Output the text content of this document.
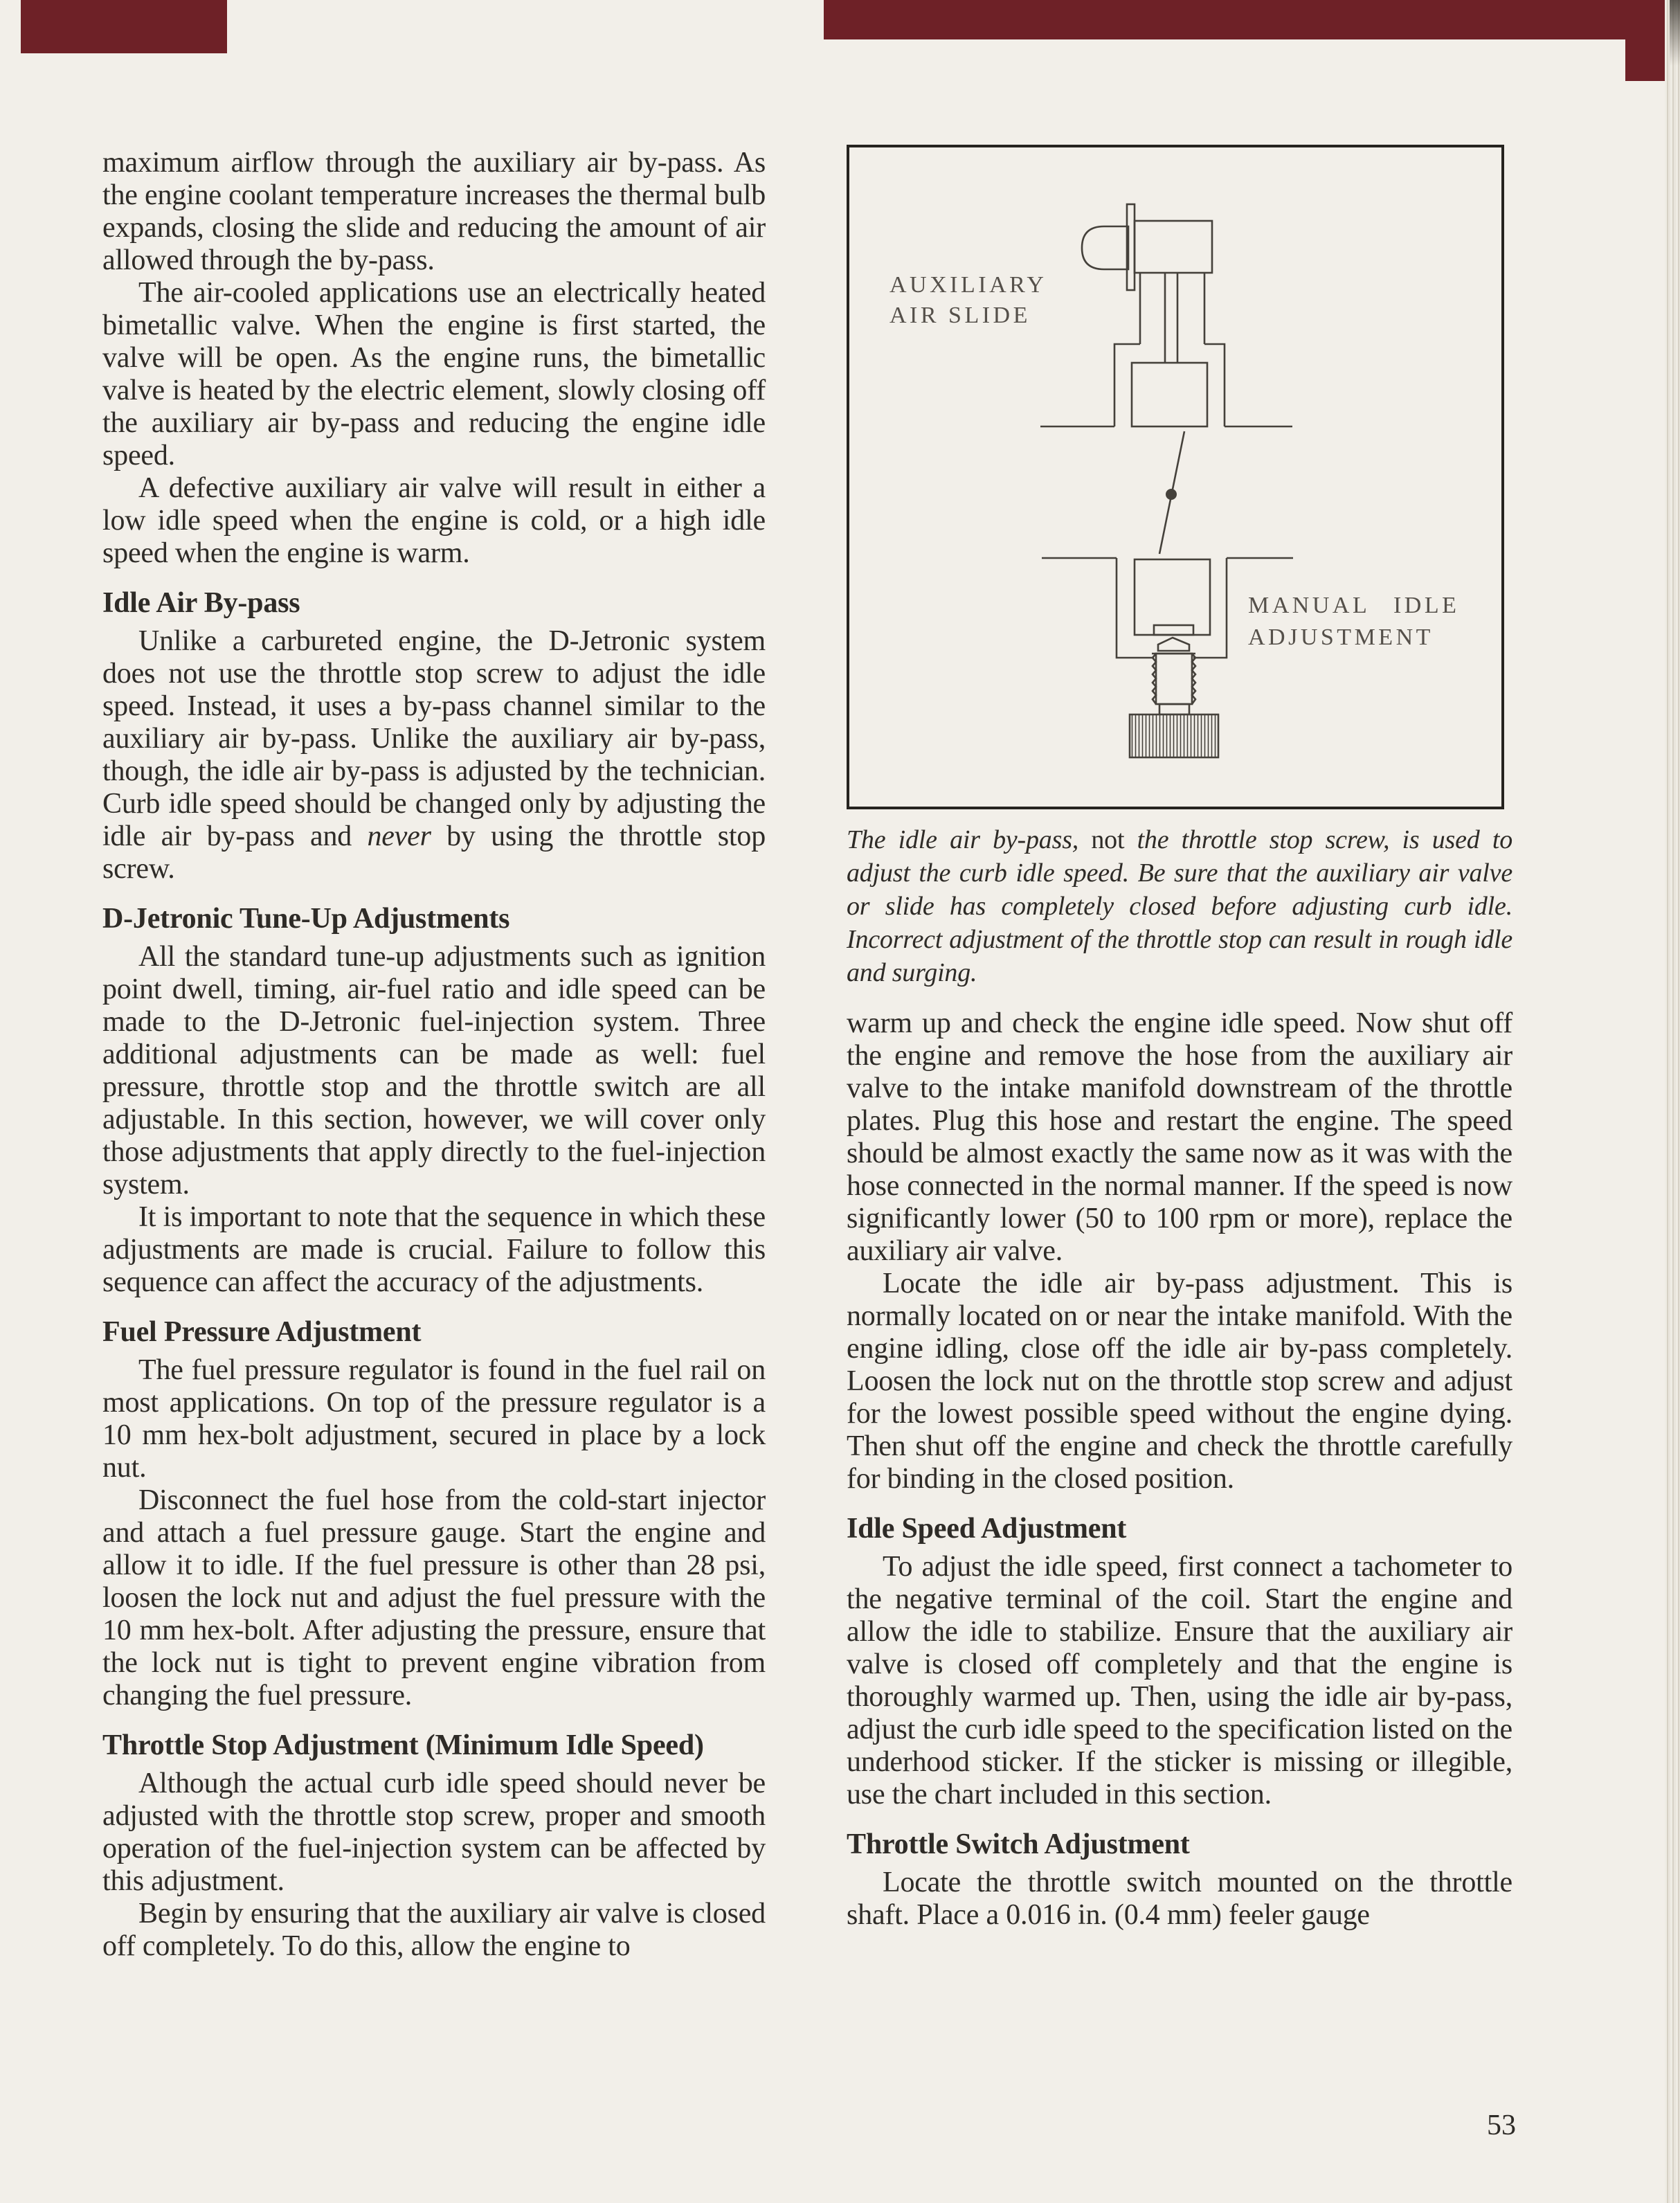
maximum airflow through the auxiliary air by-pass. As the engine coolant temperature increases the thermal bulb expands, closing the slide and reducing the amount of air allowed through the by-pass.
The air-cooled applications use an electrically heated bimetallic valve. When the engine is first started, the valve will be open. As the engine runs, the bimetallic valve is heated by the electric element, slowly closing off the auxiliary air by-pass and reducing the engine idle speed.
A defective auxiliary air valve will result in either a low idle speed when the engine is cold, or a high idle speed when the engine is warm.
Idle Air By-pass
Unlike a carbureted engine, the D-Jetronic system does not use the throttle stop screw to adjust the idle speed. Instead, it uses a by-pass channel similar to the auxiliary air by-pass. Unlike the auxiliary air by-pass, though, the idle air by-pass is adjusted by the technician. Curb idle speed should be changed only by adjusting the idle air by-pass and never by using the throttle stop screw.
D-Jetronic Tune-Up Adjustments
All the standard tune-up adjustments such as ignition point dwell, timing, air-fuel ratio and idle speed can be made to the D-Jetronic fuel-injection system. Three additional adjustments can be made as well: fuel pressure, throttle stop and the throttle switch are all adjustable. In this section, however, we will cover only those adjustments that apply directly to the fuel-injection system.
It is important to note that the sequence in which these adjustments are made is crucial. Failure to follow this sequence can affect the accuracy of the adjustments.
Fuel Pressure Adjustment
The fuel pressure regulator is found in the fuel rail on most applications. On top of the pressure regulator is a 10 mm hex-bolt adjustment, secured in place by a lock nut.
Disconnect the fuel hose from the cold-start injector and attach a fuel pressure gauge. Start the engine and allow it to idle. If the fuel pressure is other than 28 psi, loosen the lock nut and adjust the fuel pressure with the 10 mm hex-bolt. After adjusting the pressure, ensure that the lock nut is tight to prevent engine vibration from changing the fuel pressure.
Throttle Stop Adjustment (Minimum Idle Speed)
Although the actual curb idle speed should never be adjusted with the throttle stop screw, proper and smooth operation of the fuel-injection system can be affected by this adjustment.
Begin by ensuring that the auxiliary air valve is closed off completely. To do this, allow the engine to
AUXILIARY
AIR SLIDE
MANUAL IDLE
ADJUSTMENT
The idle air by-pass, not the throttle stop screw, is used to adjust the curb idle speed. Be sure that the auxiliary air valve or slide has completely closed before adjusting curb idle. Incorrect adjustment of the throttle stop can result in rough idle and surging.
warm up and check the engine idle speed. Now shut off the engine and remove the hose from the auxiliary air valve to the intake manifold downstream of the throttle plates. Plug this hose and restart the engine. The speed should be almost exactly the same now as it was with the hose connected in the normal manner. If the speed is now significantly lower (50 to 100 rpm or more), replace the auxiliary air valve.
Locate the idle air by-pass adjustment. This is normally located on or near the intake manifold. With the engine idling, close off the idle air by-pass completely. Loosen the lock nut on the throttle stop screw and adjust for the lowest possible speed without the engine dying. Then shut off the engine and check the throttle carefully for binding in the closed position.
Idle Speed Adjustment
To adjust the idle speed, first connect a tachometer to the negative terminal of the coil. Start the engine and allow the idle to stabilize. Ensure that the auxiliary air valve is closed off completely and that the engine is thoroughly warmed up. Then, using the idle air by-pass, adjust the curb idle speed to the specification listed on the underhood sticker. If the sticker is missing or illegible, use the chart included in this section.
Throttle Switch Adjustment
Locate the throttle switch mounted on the throttle shaft. Place a 0.016 in. (0.4 mm) feeler gauge
53
